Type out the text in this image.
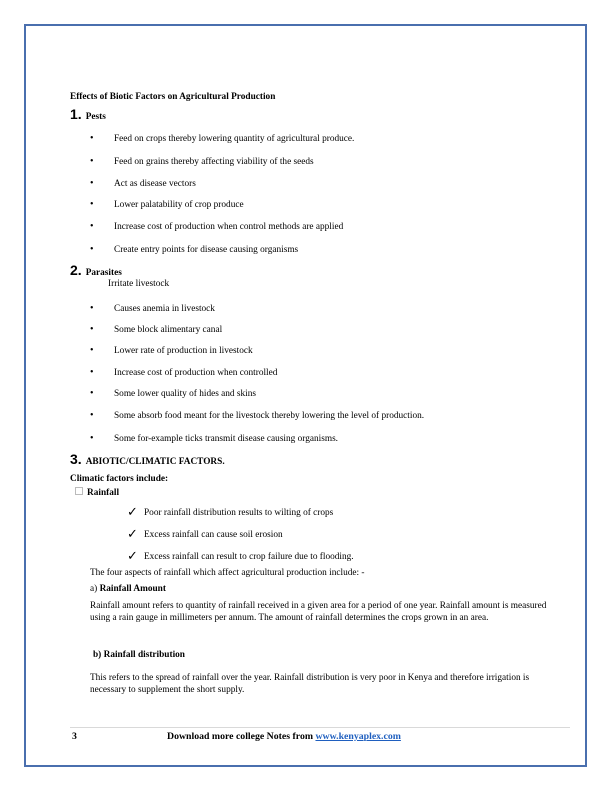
Effects of Biotic Factors on Agricultural Production
1. Pests
• Feed on crops thereby lowering quantity of agricultural produce.
• Feed on grains thereby affecting viability of the seeds
• Act as disease vectors
• Lower palatability of crop produce
• Increase cost of production when control methods are applied
• Create entry points for disease causing organisms
2. Parasites
Irritate livestock
• Causes anemia in livestock
• Some block alimentary canal
• Lower rate of production in livestock
• Increase cost of production when controlled
• Some lower quality of hides and skins
• Some absorb food meant for the livestock thereby lowering the level of production.
• Some for-example ticks transmit disease causing organisms.
3. ABIOTIC/CLIMATIC FACTORS.
Climatic factors include:
Rainfall
✓ Poor rainfall distribution results to wilting of crops
✓ Excess rainfall can cause soil erosion
✓ Excess rainfall can result to crop failure due to flooding.
The four aspects of rainfall which affect agricultural production include: -
a) Rainfall Amount
Rainfall amount refers to quantity of rainfall received in a given area for a period of one year. Rainfall amount is measured using a rain gauge in millimeters per annum. The amount of rainfall determines the crops grown in an area.
b) Rainfall distribution
This refers to the spread of rainfall over the year. Rainfall distribution is very poor in Kenya and therefore irrigation is necessary to supplement the short supply.
3	Download more college Notes from www.kenyaplex.com
